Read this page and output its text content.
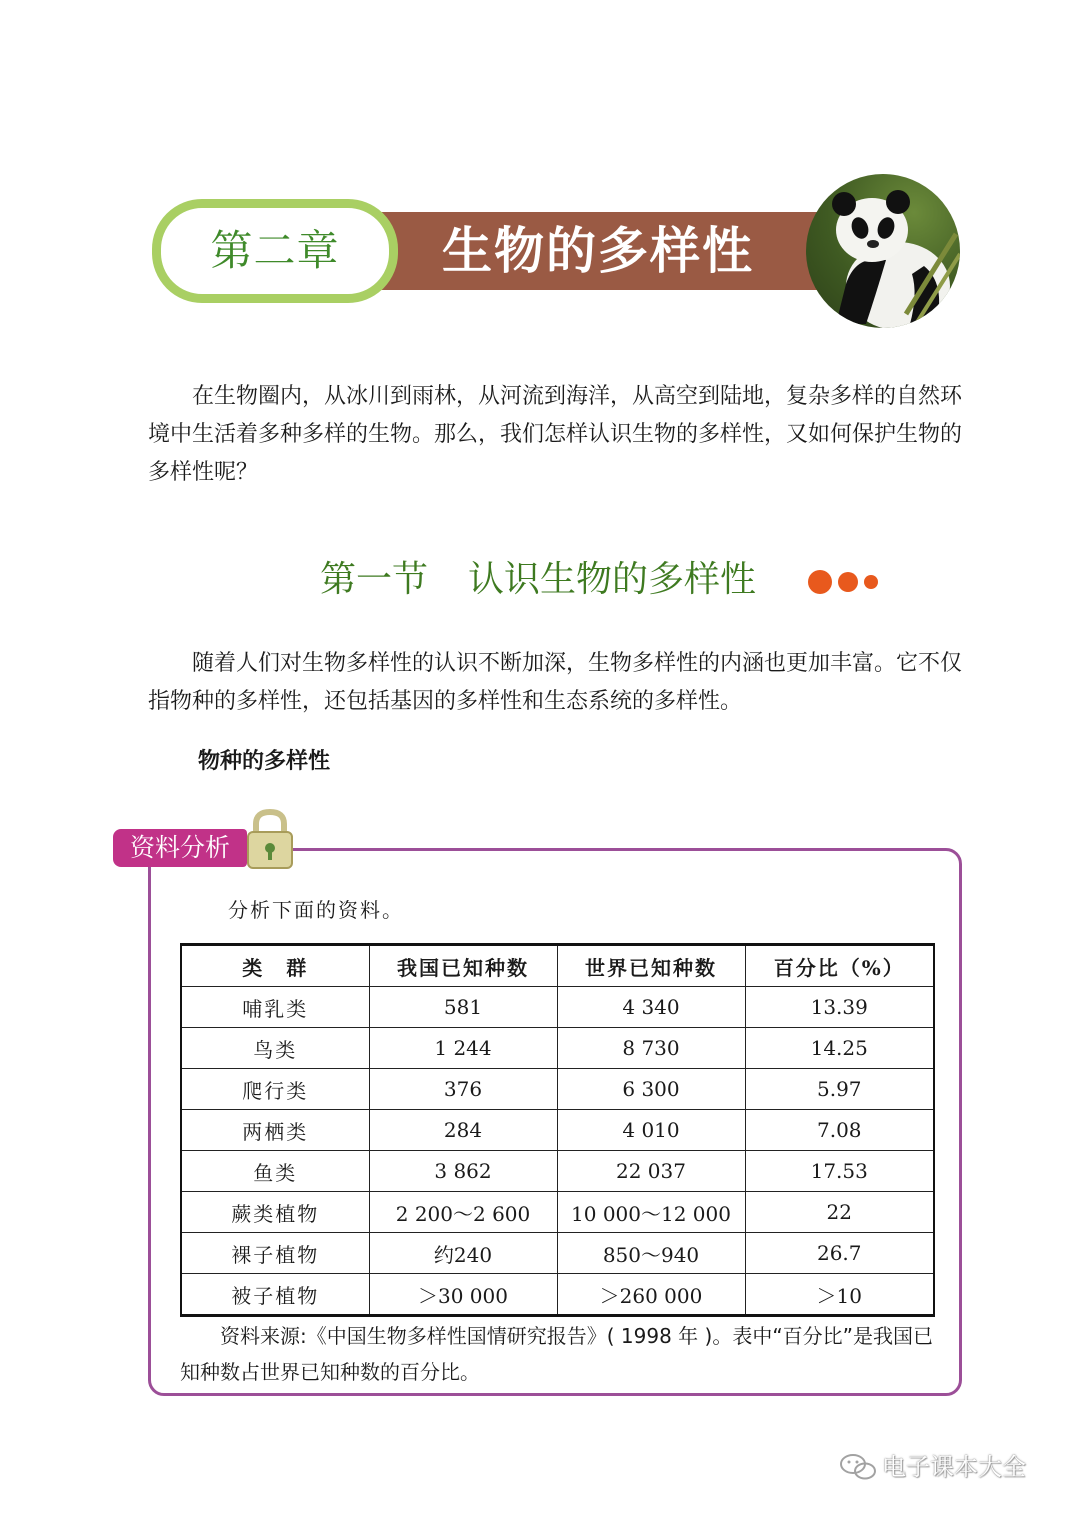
生物的多样性
第二章

在生物圈内，从冰川到雨林，从河流到海洋，从高空到陆地，复杂多样的自然环境中生活着多种多样的生物。那么，我们怎样认识生物的多样性，又如何保护生物的多样性呢？

第一节 认识生物的多样性

随着人们对生物多样性的认识不断加深，生物多样性的内涵也更加丰富。它不仅指物种的多样性，还包括基因的多样性和生态系统的多样性。

物种的多样性
资料分析
分析下面的资料。
类　群	我国已知种数	世界已知种数	百分比（%）
哺乳类	581	4 340	13.39
鸟类	1 244	8 730	14.25
爬行类	376	6 300	5.97
两栖类	284	4 010	7.08
鱼类	3 862	22 037	17.53
蕨类植物	2 200～2 600	10 000～12 000	22
裸子植物	约240	850～940	26.7
被子植物	＞30 000	＞260 000	＞10

资料来源:《中国生物多样性国情研究报告》( 1998 年 )。表中“百分比”是我国已知种数占世界已知种数的百分比。

电子课本大全
